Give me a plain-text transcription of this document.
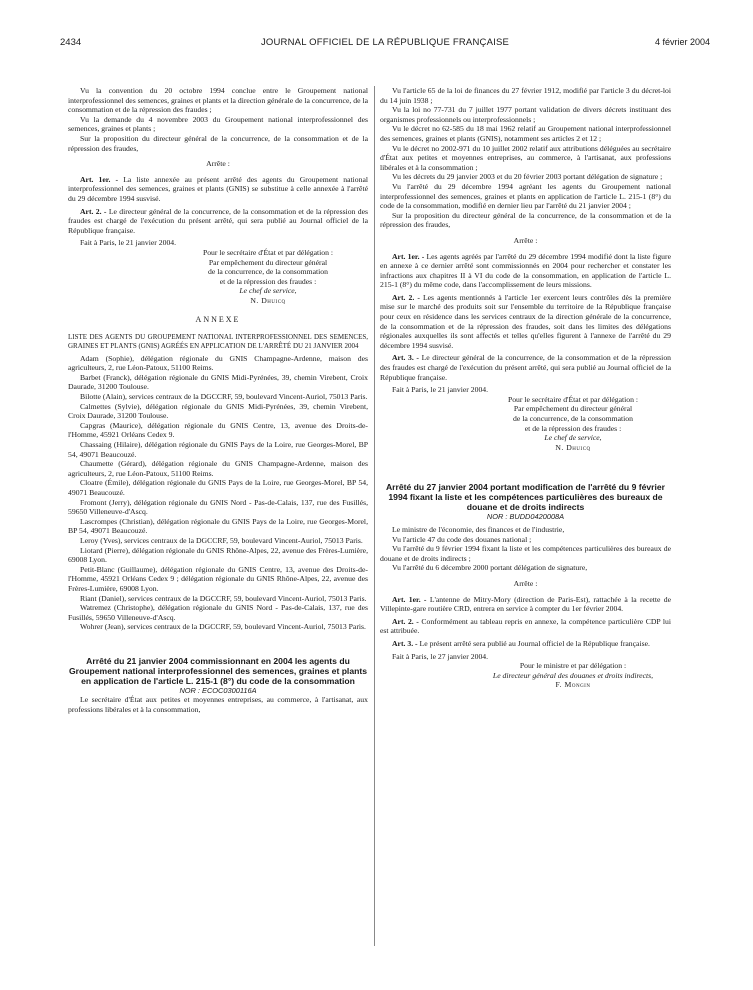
2434	JOURNAL OFFICIEL DE LA RÉPUBLIQUE FRANÇAISE	4 février 2004

Vu la convention du 20 octobre 1994 conclue entre le Groupement national interprofessionnel des semences, graines et plants et la direction générale de la concurrence, de la consommation et de la répression des fraudes ;

Vu la demande du 4 novembre 2003 du Groupement national interprofessionnel des semences, graines et plants ;

Sur la proposition du directeur général de la concurrence, de la consommation et de la répression des fraudes,

Arrête :

Art. 1er. - La liste annexée au présent arrêté des agents du Groupement national interprofessionnel des semences, graines et plants (GNIS) se substitue à celle annexée à l'arrêté du 29 décembre 1994 susvisé.

Art. 2. - Le directeur général de la concurrence, de la consommation et de la répression des fraudes est chargé de l'exécution du présent arrêté, qui sera publié au Journal officiel de la République française.

Fait à Paris, le 21 janvier 2004.

Pour le secrétaire d'État et par délégation :

Par empêchement du directeur général

de la concurrence, de la consommation

et de la répression des fraudes :

Le chef de service,

N. Dhuicq

ANNEXE

LISTE DES AGENTS DU GROUPEMENT NATIONAL INTERPROFESSIONNEL DES SEMENCES, GRAINES ET PLANTS (GNIS) AGRÉÉS EN APPLICATION DE L'ARRÊTÉ DU 21 JANVIER 2004

Adam (Sophie), délégation régionale du GNIS Champagne-Ardenne, maison des agriculteurs, 2, rue Léon-Patoux, 51100 Reims.

Barbet (Franck), délégation régionale du GNIS Midi-Pyrénées, 39, chemin Virebent, Croix Daurade, 31200 Toulouse.

Bilotte (Alain), services centraux de la DGCCRF, 59, boulevard Vincent-Auriol, 75013 Paris.

Calmettes (Sylvie), délégation régionale du GNIS Midi-Pyrénées, 39, chemin Virebent, Croix Daurade, 31200 Toulouse.

Capgras (Maurice), délégation régionale du GNIS Centre, 13, avenue des Droits-de-l'Homme, 45921 Orléans Cedex 9.

Chassaing (Hilaire), délégation régionale du GNIS Pays de la Loire, rue Georges-Morel, BP 54, 49071 Beaucouzé.

Chaumette (Gérard), délégation régionale du GNIS Champagne-Ardenne, maison des agriculteurs, 2, rue Léon-Patoux, 51100 Reims.

Cloatre (Émile), délégation régionale du GNIS Pays de la Loire, rue Georges-Morel, BP 54, 49071 Beaucouzé.

Fromont (Jerry), délégation régionale du GNIS Nord - Pas-de-Calais, 137, rue des Fusillés, 59650 Villeneuve-d'Ascq.

Lascrompes (Christian), délégation régionale du GNIS Pays de la Loire, rue Georges-Morel, BP 54, 49071 Beaucouzé.

Leroy (Yves), services centraux de la DGCCRF, 59, boulevard Vincent-Auriol, 75013 Paris.

Liotard (Pierre), délégation régionale du GNIS Rhône-Alpes, 22, avenue des Frères-Lumière, 69008 Lyon.

Petit-Blanc (Guillaume), délégation régionale du GNIS Centre, 13, avenue des Droits-de-l'Homme, 45921 Orléans Cedex 9 ; délégation régionale du GNIS Rhône-Alpes, 22, avenue des Frères-Lumière, 69008 Lyon.

Riant (Daniel), services centraux de la DGCCRF, 59, boulevard Vincent-Auriol, 75013 Paris.

Watremez (Christophe), délégation régionale du GNIS Nord - Pas-de-Calais, 137, rue des Fusillés, 59650 Villeneuve-d'Ascq.

Wohrer (Jean), services centraux de la DGCCRF, 59, boulevard Vincent-Auriol, 75013 Paris.

Arrêté du 21 janvier 2004 commissionnant en 2004 les agents du Groupement national interprofessionnel des semences, graines et plants en application de l'article L. 215-1 (8°) du code de la consommation

NOR : ECOC0300116A

Le secrétaire d'État aux petites et moyennes entreprises, au commerce, à l'artisanat, aux professions libérales et à la consommation,

Vu l'article 65 de la loi de finances du 27 février 1912, modifié par l'article 3 du décret-loi du 14 juin 1938 ;

Vu la loi no 77-731 du 7 juillet 1977 portant validation de divers décrets instituant des organismes professionnels ou interprofessionnels ;

Vu le décret no 62-585 du 18 mai 1962 relatif au Groupement national interprofessionnel des semences, graines et plants (GNIS), notamment ses articles 2 et 12 ;

Vu le décret no 2002-971 du 10 juillet 2002 relatif aux attributions déléguées au secrétaire d'État aux petites et moyennes entreprises, au commerce, à l'artisanat, aux professions libérales et à la consommation ;

Vu les décrets du 29 janvier 2003 et du 20 février 2003 portant délégation de signature ;

Vu l'arrêté du 29 décembre 1994 agréant les agents du Groupement national interprofessionnel des semences, graines et plants en application de l'article L. 215-1 (8°) du code de la consommation, modifié en dernier lieu par l'arrêté du 21 janvier 2004 ;

Sur la proposition du directeur général de la concurrence, de la consommation et de la répression des fraudes,

Arrête :

Art. 1er. - Les agents agréés par l'arrêté du 29 décembre 1994 modifié dont la liste figure en annexe à ce dernier arrêté sont commissionnés en 2004 pour rechercher et constater les infractions aux chapitres II à VI du code de la consommation, en application de l'article L. 215-1 (8°) du même code, dans l'accomplissement de leurs missions.

Art. 2. - Les agents mentionnés à l'article 1er exercent leurs contrôles dès la première mise sur le marché des produits soit sur l'ensemble du territoire de la République française pour ceux en résidence dans les services centraux de la direction générale de la concurrence, de la consommation et de la répression des fraudes, soit dans les limites des délégations régionales auxquelles ils sont affectés et telles qu'elles figurent à l'annexe de l'arrêté du 29 décembre 1994 susvisé.

Art. 3. - Le directeur général de la concurrence, de la consommation et de la répression des fraudes est chargé de l'exécution du présent arrêté, qui sera publié au Journal officiel de la République française.

Fait à Paris, le 21 janvier 2004.

Pour le secrétaire d'État et par délégation :

Par empêchement du directeur général

de la concurrence, de la consommation

et de la répression des fraudes :

Le chef de service,

N. Dhuicq

Arrêté du 27 janvier 2004 portant modification de l'arrêté du 9 février 1994 fixant la liste et les compétences particulières des bureaux de douane et de droits indirects

NOR : BUDD0420008A

Le ministre de l'économie, des finances et de l'industrie,

Vu l'article 47 du code des douanes national ;

Vu l'arrêté du 9 février 1994 fixant la liste et les compétences particulières des bureaux de douane et de droits indirects ;

Vu l'arrêté du 6 décembre 2000 portant délégation de signature,

Arrête :

Art. 1er. - L'antenne de Mitry-Mory (direction de Paris-Est), rattachée à la recette de Villepinte-gare routière CRD, entrera en service à compter du 1er février 2004.

Art. 2. - Conformément au tableau repris en annexe, la compétence particulière CDP lui est attribuée.

Art. 3. - Le présent arrêté sera publié au Journal officiel de la République française.

Fait à Paris, le 27 janvier 2004.

Pour le ministre et par délégation :

Le directeur général des douanes et droits indirects,

F. Mongin
